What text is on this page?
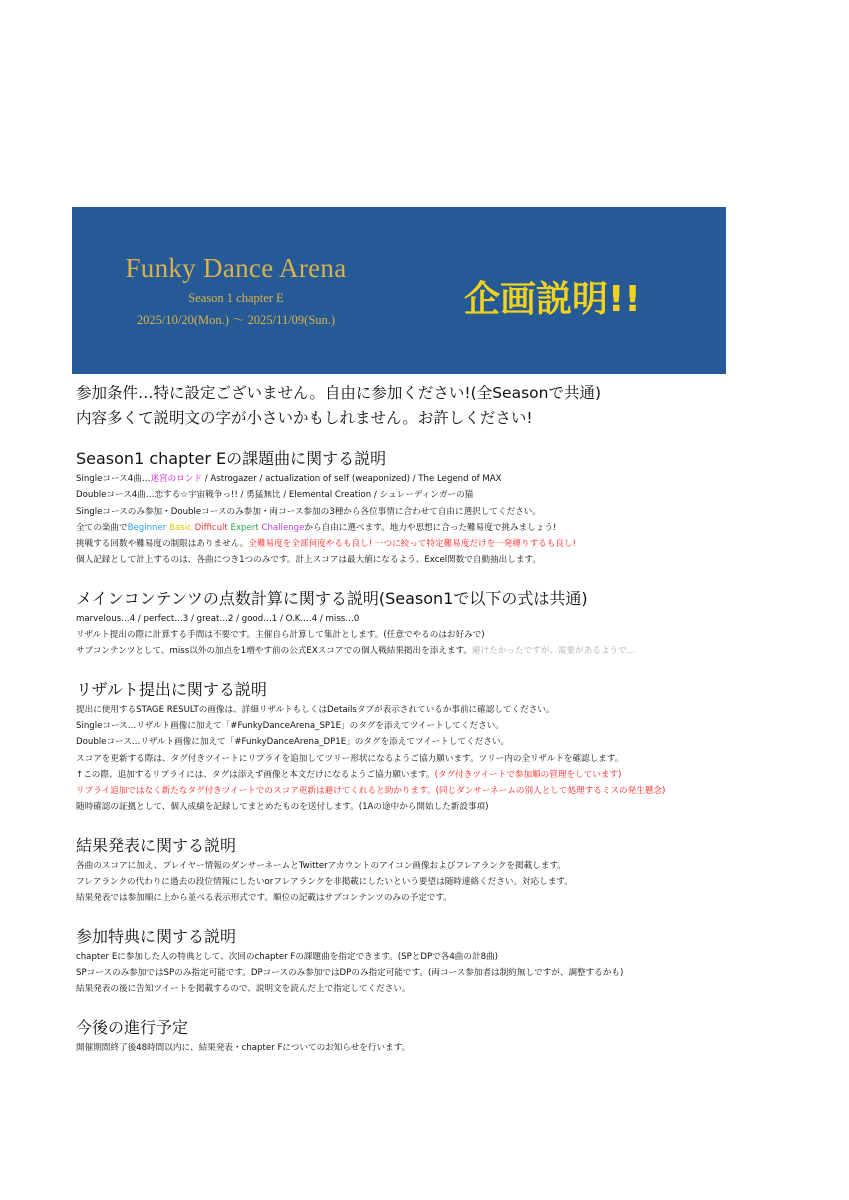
Funky Dance Arena
Season 1 chapter E
2025/10/20(Mon.) ～ 2025/11/09(Sun.)	企画説明!!
参加条件…特に設定ございません。自由に参加ください!(全Seasonで共通)
内容多くて説明文の字が小さいかもしれません。お許しください!
Season1 chapter Eの課題曲に関する説明
Singleコース4曲…迷宮のロンド / Astrogazer / actualization of self (weaponized) / The Legend of MAX
Doubleコース4曲…恋する☆宇宙戦争っ!! / 勇猛無比 / Elemental Creation / シュレーディンガーの猫
Singleコースのみ参加・Doubleコースのみ参加・両コース参加の3種から各位事情に合わせて自由に選択してください。
全ての楽曲でBeginner Basic Difficult Expert Challengeから自由に選べます。地力や思想に合った難易度で挑みましょう!
挑戦する回数や難易度の制限はありません。全難易度を全部何度やるも良し! 一つに絞って特定難易度だけを一発縛りするも良し!
個人記録として計上するのは、各曲につき1つのみです。計上スコアは最大値になるよう、Excel関数で自動抽出します。
メインコンテンツの点数計算に関する説明(Season1で以下の式は共通)
marvelous…4 / perfect…3 / great…2 / good…1 / O.K.…4 / miss…0
リザルト提出の際に計算する手間は不要です。主催自ら計算して集計とします。(任意でやるのはお好みで)
サブコンテンツとして、miss以外の加点を1増やす前の公式EXスコアでの個人戦結果掲出を添えます。避けたかったですが、需要があるようで…
リザルト提出に関する説明
提出に使用するSTAGE RESULTの画像は、詳細リザルトもしくはDetailsタブが表示されているか事前に確認してください。
Singleコース…リザルト画像に加えて「#FunkyDanceArena_SP1E」のタグを添えてツイートしてください。
Doubleコース…リザルト画像に加えて「#FunkyDanceArena_DP1E」のタグを添えてツイートしてください。
スコアを更新する際は、タグ付きツイートにリプライを追加してツリー形状になるようご協力願います。ツリー内の全リザルトを確認します。
↑この際、追加するリプライには、タグは添えず画像と本文だけになるようご協力願います。(タグ付きツイートで参加順の管理をしています)
リプライ追加ではなく新たなタグ付きツイートでのスコア更新は避けてくれると助かります。(同じダンサーネームの別人として処理するミスの発生懸念)
随時確認の証拠として、個人成績を記録してまとめたものを送付します。(1Aの途中から開始した新設事項)
結果発表に関する説明
各曲のスコアに加え、プレイヤー情報のダンサーネームとTwitterアカウントのアイコン画像およびフレアランクを掲載します。
フレアランクの代わりに過去の段位情報にしたいorフレアランクを非掲載にしたいという要望は随時連絡ください。対応します。
結果発表では参加順に上から並べる表示形式です。順位の記載はサブコンテンツのみの予定です。
参加特典に関する説明
chapter Eに参加した人の特典として、次回のchapter Fの課題曲を指定できます。(SPとDPで各4曲の計8曲)
SPコースのみ参加ではSPのみ指定可能です。DPコースのみ参加ではDPのみ指定可能です。(両コース参加者は制約無しですが、調整するかも)
結果発表の後に告知ツイートを掲載するので、説明文を読んだ上で指定してください。
今後の進行予定
開催期間終了後48時間以内に、結果発表・chapter Fについてのお知らせを行います。
